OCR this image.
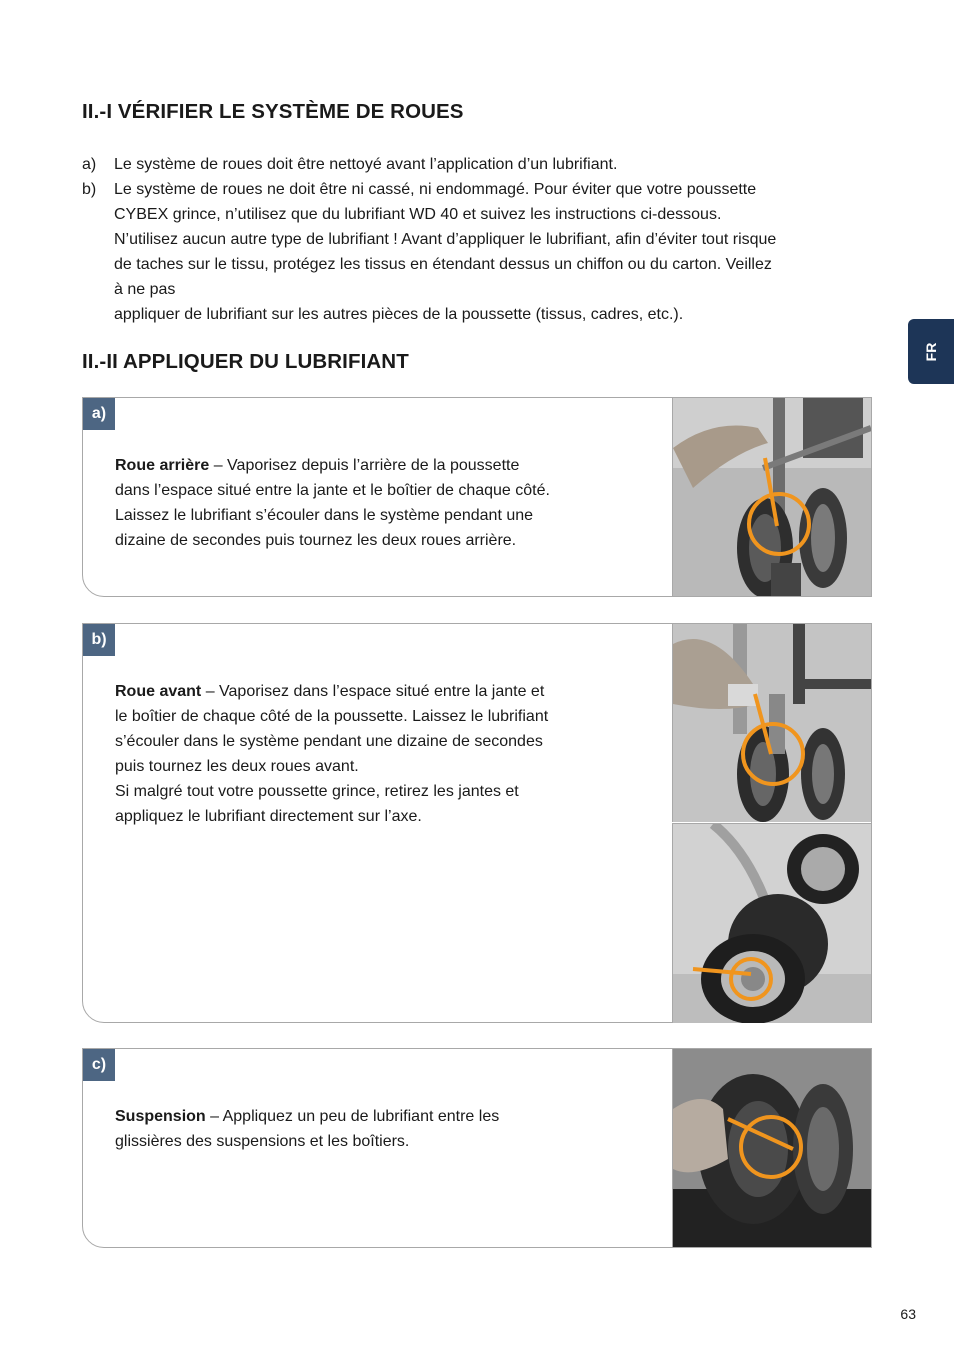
II.-I VÉRIFIER LE SYSTÈME DE ROUES
a) Le système de roues doit être nettoyé avant l’application d’un lubrifiant.
b) Le système de roues ne doit être ni cassé, ni endommagé. Pour éviter que votre poussette
CYBEX grince, n’utilisez que du lubrifiant WD 40 et suivez les instructions ci-dessous.
N’utilisez aucun autre type de lubrifiant ! Avant d’appliquer le lubrifiant, afin d’éviter tout risque
de taches sur le tissu, protégez les tissus en étendant dessus un chiffon ou du carton. Veillez
à ne pas
appliquer de lubrifiant sur les autres pièces de la poussette (tissus, cadres, etc.).
FR
II.-II APPLIQUER DU LUBRIFIANT
a)
Roue arrière – Vaporisez depuis l’arrière de la poussette
dans l’espace situé entre la jante et le boîtier de chaque côté.
Laissez le lubrifiant s’écouler dans le système pendant une
dizaine de secondes puis tournez les deux roues arrière.
b)
Roue avant – Vaporisez dans l’espace situé entre la jante et
le boîtier de chaque côté de la poussette. Laissez le lubrifiant
s’écouler dans le système pendant une dizaine de secondes
puis tournez les deux roues avant.
Si malgré tout votre poussette grince, retirez les jantes et
appliquez le lubrifiant directement sur l’axe.
c)
Suspension – Appliquez un peu de lubrifiant entre les
glissières des suspensions et les boîtiers.
63
